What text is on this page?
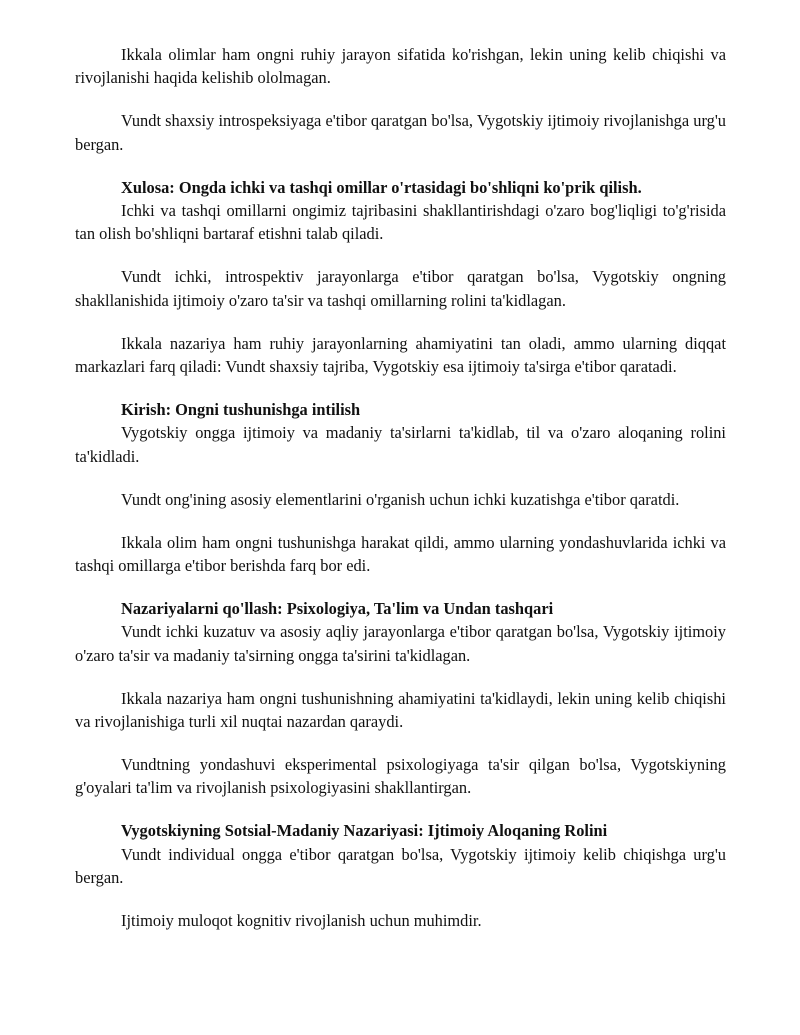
Ikkala olimlar ham ongni ruhiy jarayon sifatida ko'rishgan, lekin uning kelib chiqishi va rivojlanishi haqida kelishib ololmagan.

Vundt shaxsiy introspeksiyaga e'tibor qaratgan bo'lsa, Vygotskiy ijtimoiy rivojlanishga urg'u bergan.

Xulosa: Ongda ichki va tashqi omillar o'rtasidagi bo'shliqni ko'prik qilish.

Ichki va tashqi omillarni ongimiz tajribasini shakllantirishdagi o'zaro bog'liqligi to'g'risida tan olish bo'shliqni bartaraf etishni talab qiladi.

Vundt ichki, introspektiv jarayonlarga e'tibor qaratgan bo'lsa, Vygotskiy ongning shakllanishida ijtimoiy o'zaro ta'sir va tashqi omillarning rolini ta'kidlagan.

Ikkala nazariya ham ruhiy jarayonlarning ahamiyatini tan oladi, ammo ularning diqqat markazlari farq qiladi: Vundt shaxsiy tajriba, Vygotskiy esa ijtimoiy ta'sirga e'tibor qaratadi.

Kirish: Ongni tushunishga intilish

Vygotskiy ongga ijtimoiy va madaniy ta'sirlarni ta'kidlab, til va o'zaro aloqaning rolini ta'kidladi.

Vundt ong'ining asosiy elementlarini o'rganish uchun ichki kuzatishga e'tibor qaratdi.

Ikkala olim ham ongni tushunishga harakat qildi, ammo ularning yondashuvlarida ichki va tashqi omillarga e'tibor berishda farq bor edi.

Nazariyalarni qo'llash: Psixologiya, Ta'lim va Undan tashqari

Vundt ichki kuzatuv va asosiy aqliy jarayonlarga e'tibor qaratgan bo'lsa, Vygotskiy ijtimoiy o'zaro ta'sir va madaniy ta'sirning ongga ta'sirini ta'kidlagan.

Ikkala nazariya ham ongni tushunishning ahamiyatini ta'kidlaydi, lekin uning kelib chiqishi va rivojlanishiga turli xil nuqtai nazardan qaraydi.

Vundtning yondashuvi eksperimental psixologiyaga ta'sir qilgan bo'lsa, Vygotskiyning g'oyalari ta'lim va rivojlanish psixologiyasini shakllantirgan.

Vygotskiyning Sotsial-Madaniy Nazariyasi: Ijtimoiy Aloqaning Rolini

Vundt individual ongga e'tibor qaratgan bo'lsa, Vygotskiy ijtimoiy kelib chiqishga urg'u bergan.

Ijtimoiy muloqot kognitiv rivojlanish uchun muhimdir.
